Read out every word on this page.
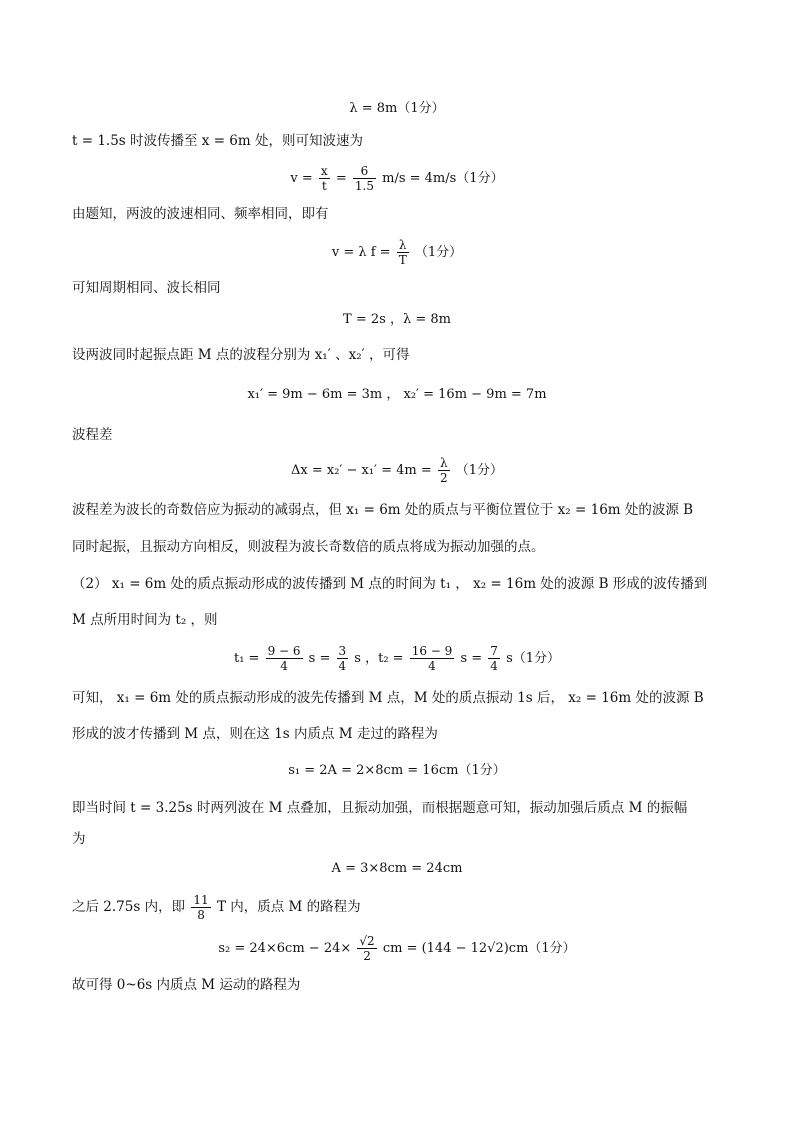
λ = 8m（1分）
t = 1.5s 时波传播至 x = 6m 处，则可知波速为
$v = \frac{x}{t} = \frac{6}{1.5} m/s = 4m/s(1$分）
由题知，两波的波速相同、频率相同，即有
v = λ $f = \frac{\lambda}{T} (1$分）
可知周期相同、波长相同
T = 2s ，λ = 8m
设两波同时起振点距 M 点的波程分别为 x₁′ 、x₂′ ，可得
x₁′ = 9m − 6m = 3m ， x₂′ = 16m − 9m = 7m
波程差
$\Delta x = x_2' - x_1' = 4m = \frac{\lambda}{2} (1$分）
波程差为波长的奇数倍应为振动的减弱点，但 x₁ = 6m 处的质点与平衡位置位于 x₂ = 16m 处的波源 B
同时起振，且振动方向相反，则波程为波长奇数倍的质点将成为振动加强的点。
（2） x₁ = 6m 处的质点振动形成的波传播到 M 点的时间为 t₁ ， x₂ = 16m 处的波源 B 形成的波传播到
M 点所用时间为 t₂ ，则
$t_1 = \frac{9 - 6}{4}$ $s = \frac{3}{4}$ s ，$t_2 = \frac{16 - 9}{4}$ $s = \frac{7}{4} s(1$分）
可知， x₁ = 6m 处的质点振动形成的波先传播到 M 点，M 处的质点振动 1s 后， x₂ = 16m 处的波源 B
形成的波才传播到 M 点，则在这 1s 内质点 M 走过的路程为
s₁ = 2A = 2×8cm = 16cm（1分）
即当时间 t = 3.25s 时两列波在 M 点叠加，且振动加强，而根据题意可知，振动加强后质点 M 的振幅
为
A = 3×8cm = 24cm
之后 2.75s 内，即 $\frac{11}{8}$ T 内，质点 M 的路程为
$s_2 = 24\times 6cm - 24\times \frac{√2}{2}$ cm = (144 − 12√2)cm（1分）
故可得 0~6s 内质点 M 运动的路程为
